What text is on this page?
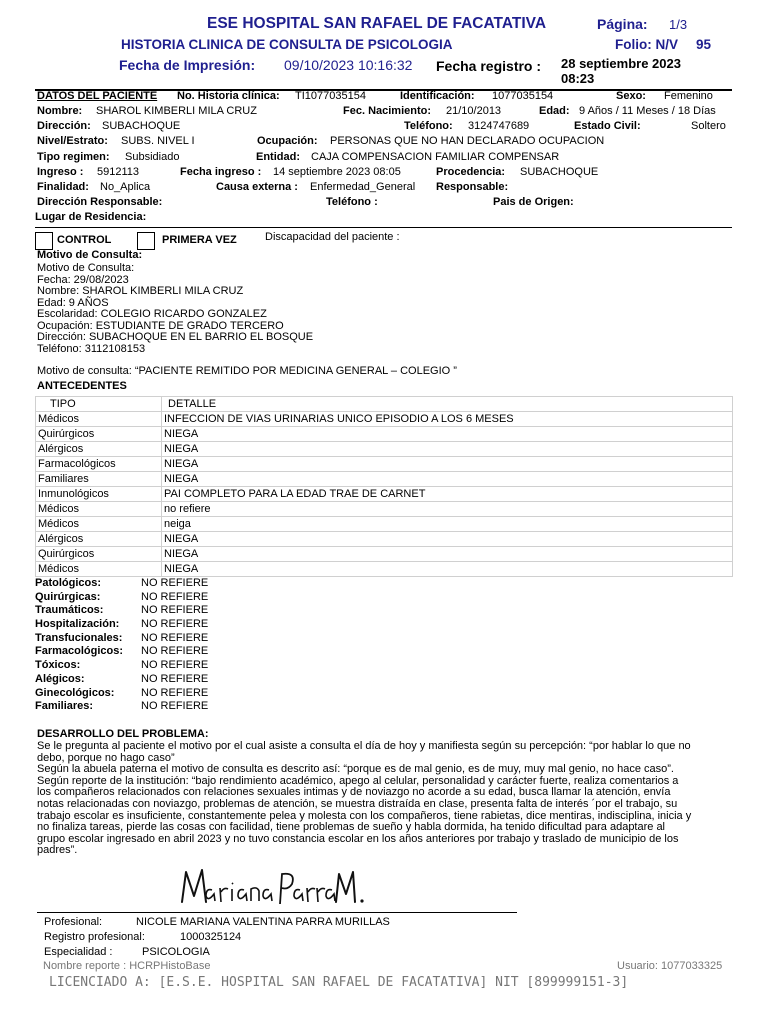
ESE HOSPITAL SAN RAFAEL DE FACATATIVA	Página: 1/3
HISTORIA CLINICA DE CONSULTA DE PSICOLOGIA	Folio: N/V 95
Fecha de Impresión: 09/10/2023 10:16:32 Fecha registro : 28 septiembre 2023
08:23
DATOS DEL PACIENTE No. Historia clínica: TI1077035154	Identificación: 1077035154	Sexo: Femenino
Nombre: SHAROL KIMBERLI MILA CRUZ	Fec. Nacimiento: 21/10/2013	Edad: 9 Años / 11 Meses / 18 Días
Dirección: SUBACHOQUE	Teléfono: 3124747689	Estado Civil:	Soltero
Nivel/Estrato: SUBS. NIVEL I	Ocupación: PERSONAS QUE NO HAN DECLARADO OCUPACION
Tipo regimen: Subsidiado	Entidad: CAJA COMPENSACION FAMILIAR COMPENSAR
Ingreso : 5912113	Fecha ingreso : 14 septiembre 2023 08:05	Procedencia: SUBACHOQUE
Finalidad: No_Aplica	Causa externa : Enfermedad_General Responsable:
Dirección Responsable:	Teléfono :	Pais de Origen:
Lugar de Residencia:
CONTROL	PRIMERA VEZ	Discapacidad del paciente :
Motivo de Consulta:
Motivo de Consulta:
Fecha: 29/08/2023
Nombre: SHAROL KIMBERLI MILA CRUZ
Edad: 9 AÑOS
Escolaridad: COLEGIO RICARDO GONZALEZ
Ocupación: ESTUDIANTE DE GRADO TERCERO
Dirección: SUBACHOQUE EN EL BARRIO EL BOSQUE
Teléfono: 3112108153
Motivo de consulta: “PACIENTE REMITIDO POR MEDICINA GENERAL – COLEGIO ”
ANTECEDENTES
TIPO	DETALLE
Médicos	INFECCION DE VIAS URINARIAS UNICO EPISODIO A LOS 6 MESES
Quirúrgicos	NIEGA
Alérgicos	NIEGA
Farmacológicos	NIEGA
Familiares	NIEGA
Inmunológicos	PAI COMPLETO PARA LA EDAD TRAE DE CARNET
Médicos	no refiere
Médicos	neiga
Alérgicos	NIEGA
Quirúrgicos	NIEGA
Médicos	NIEGA
Patológicos:	NO REFIERE
Quirúrgicas:	NO REFIERE
Traumáticos:	NO REFIERE
Hospitalización: NO REFIERE
Transfucionales: NO REFIERE
Farmacológicos: NO REFIERE
Tóxicos:	NO REFIERE
Alégicos:	NO REFIERE
Ginecológicos: NO REFIERE
Familiares:	NO REFIERE
DESARROLLO DEL PROBLEMA:
Se le pregunta al paciente el motivo por el cual asiste a consulta el día de hoy y manifiesta según su percepción: “por hablar lo que no
debo, porque no hago caso”
Según la abuela paterna el motivo de consulta es descrito así: “porque es de mal genio, es de muy, muy mal genio, no hace caso”.
Según reporte de la institución: “bajo rendimiento académico, apego al celular, personalidad y carácter fuerte, realiza comentarios a
los compañeros relacionados con relaciones sexuales intimas y de noviazgo no acorde a su edad, busca llamar la atención, envía
notas relacionadas con noviazgo, problemas de atención, se muestra distraída en clase, presenta falta de interés ´por el trabajo, su
trabajo escolar es insuficiente, constantemente pelea y molesta con los compañeros, tiene rabietas, dice mentiras, indisciplina, inicia y
no finaliza tareas, pierde las cosas con facilidad, tiene problemas de sueño y habla dormida, ha tenido dificultad para adaptare al
grupo escolar ingresado en abril 2023 y no tuvo constancia escolar en los años anteriores por trabajo y traslado de municipio de los
padres”.
Profesional:	NICOLE MARIANA VALENTINA PARRA MURILLAS
Registro profesional:	1000325124
Especialidad :	PSICOLOGIA
Nombre reporte : HCRPHistoBase	Usuario: 1077033325
LICENCIADO A: [E.S.E. HOSPITAL SAN RAFAEL DE FACATATIVA] NIT [899999151-3]
